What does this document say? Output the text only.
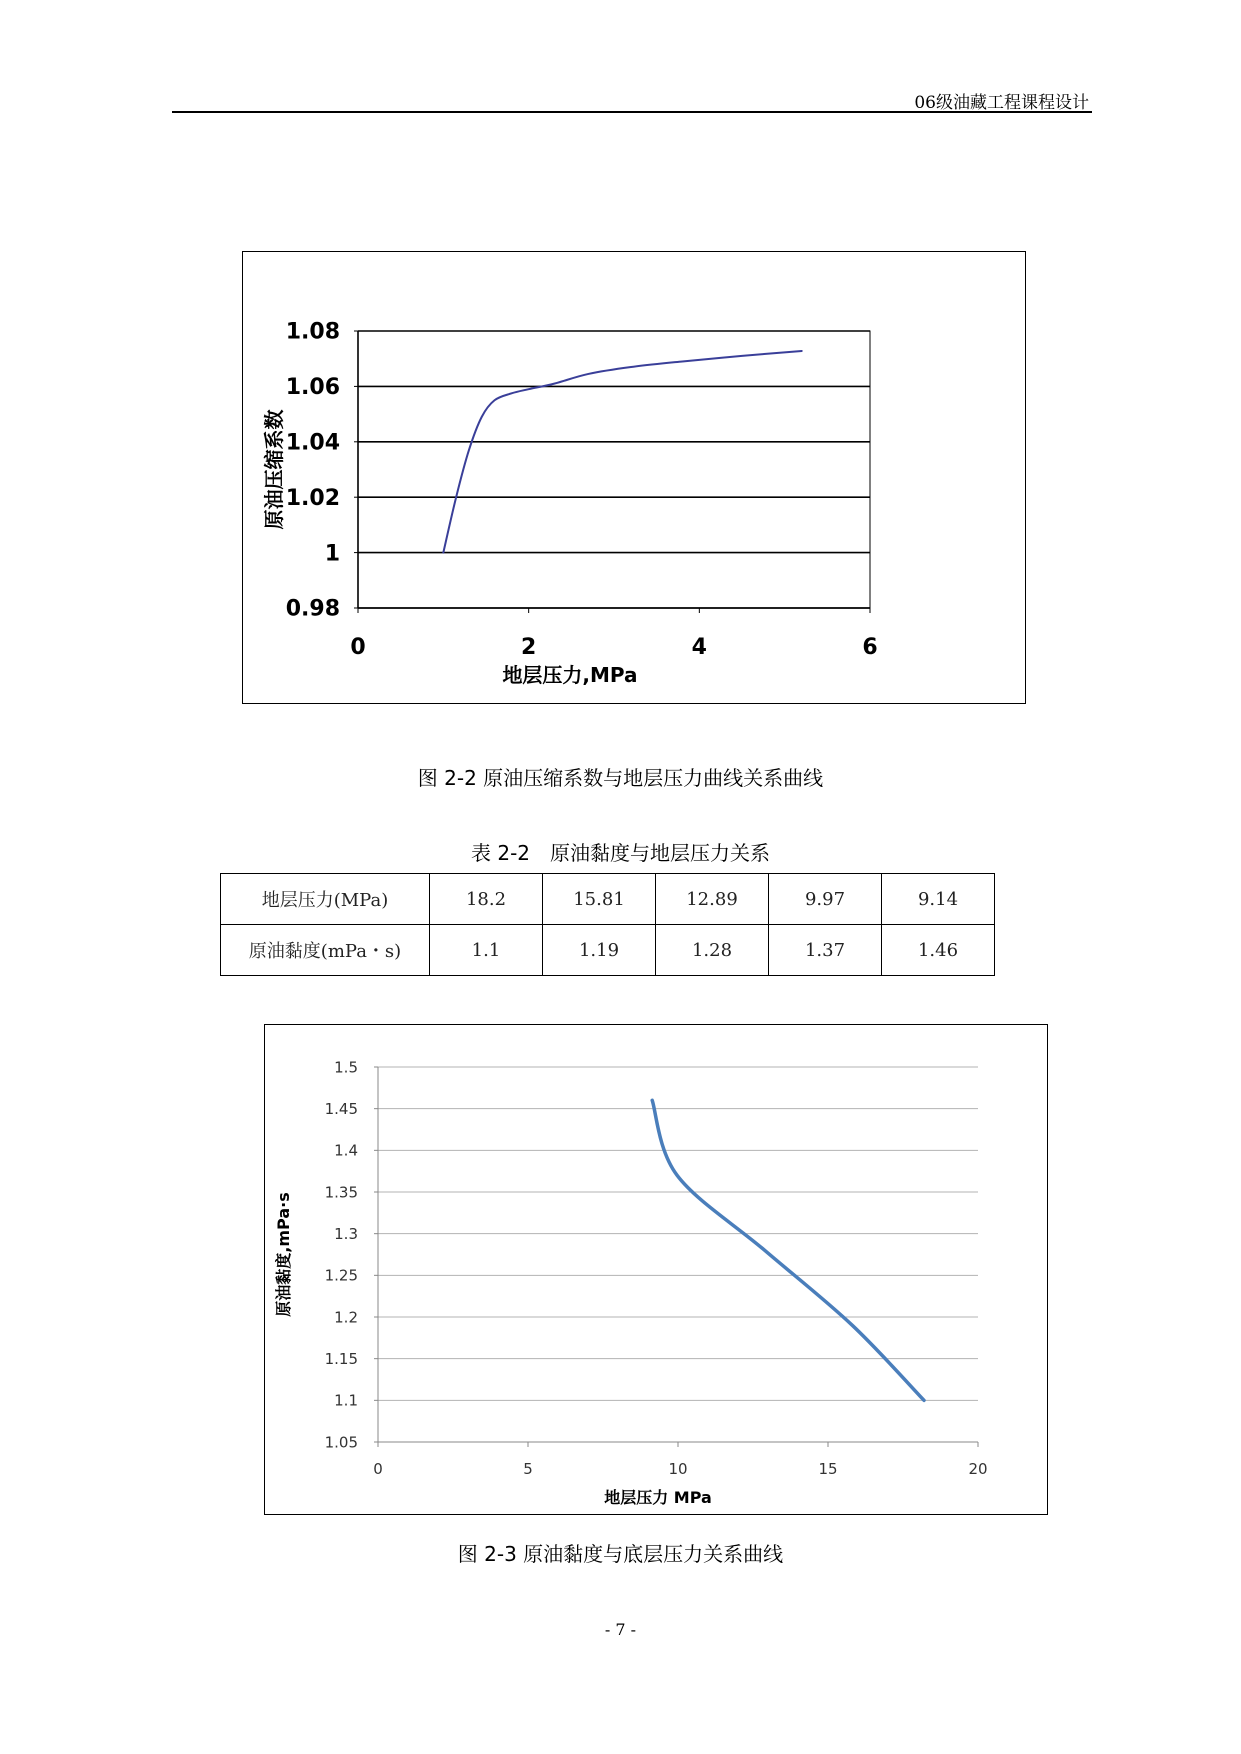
06级油藏工程课程设计
0.98
1
1.02
1.04
1.06
1.08
0	2	4	6
地层压力,MPa
原油压缩系数
图 2-2 原油压缩系数与地层压力曲线关系曲线
表 2-2　原油黏度与地层压力关系
地层压力(MPa)	18.2	15.81	12.89	9.97	9.14
原油黏度(mPa・s)	1.1	1.19	1.28	1.37	1.46
1.05
1.1
1.15
1.2
1.25
1.3
1.35
1.4
1.45
1.5
0	5	10	15	20
地层压力 MPa
原油黏度,mPa·s
图 2-3 原油黏度与底层压力关系曲线
- 7 -
